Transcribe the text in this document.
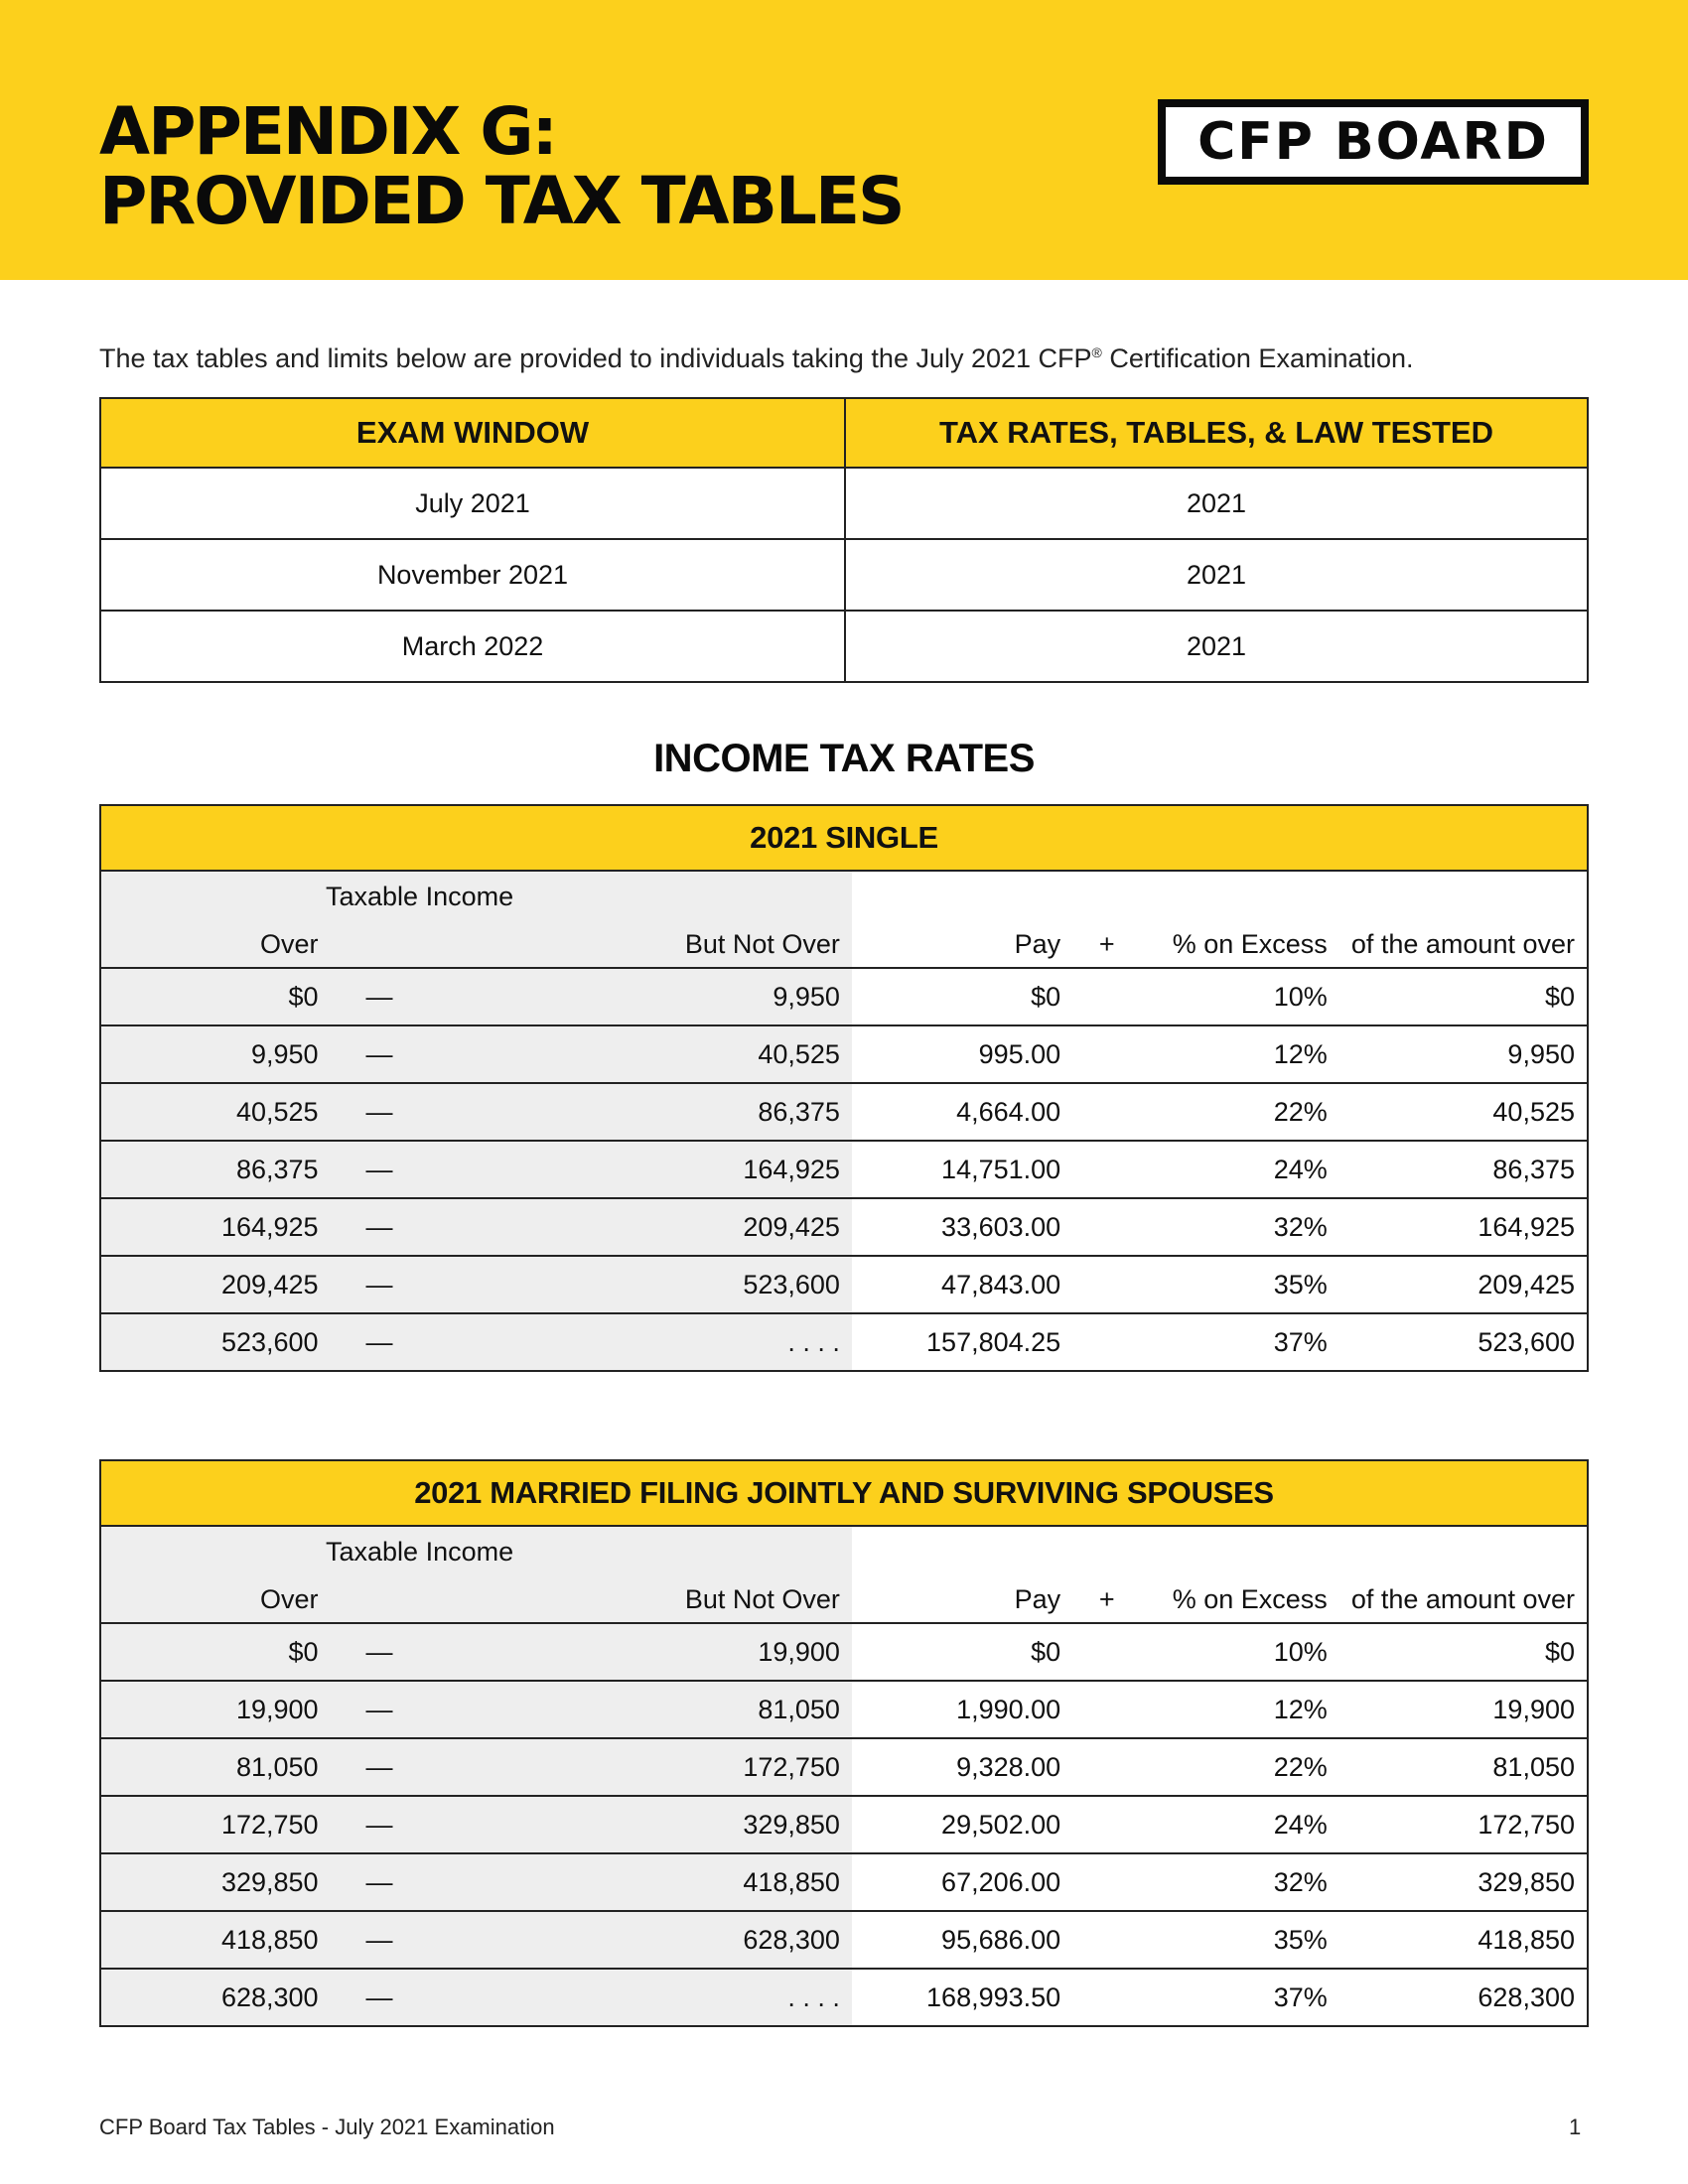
APPENDIX G:
PROVIDED TAX TABLES
CFP BOARD

The tax tables and limits below are provided to individuals taking the July 2021 CFP® Certification Examination.

EXAM WINDOW	TAX RATES, TABLES, & LAW TESTED
July 2021	2021
November 2021	2021
March 2022	2021
INCOME TAX RATES
2021 SINGLE						
Taxable Income						
Over		But Not Over	Pay	+	% on Excess	of the amount over
$0	—	9,950	$0		10%	$0
9,950	—	40,525	995.00		12%	9,950
40,525	—	86,375	4,664.00		22%	40,525
86,375	—	164,925	14,751.00		24%	86,375
164,925	—	209,425	33,603.00		32%	164,925
209,425	—	523,600	47,843.00		35%	209,425
523,600	—	. . . .	157,804.25		37%	523,600
2021 MARRIED FILING JOINTLY AND SURVIVING SPOUSES						
Taxable Income						
Over		But Not Over	Pay	+	% on Excess	of the amount over
$0	—	19,900	$0		10%	$0
19,900	—	81,050	1,990.00		12%	19,900
81,050	—	172,750	9,328.00		22%	81,050
172,750	—	329,850	29,502.00		24%	172,750
329,850	—	418,850	67,206.00		32%	329,850
418,850	—	628,300	95,686.00		35%	418,850
628,300	—	. . . .	168,993.50		37%	628,300
CFP Board Tax Tables - July 2021 Examination	1
